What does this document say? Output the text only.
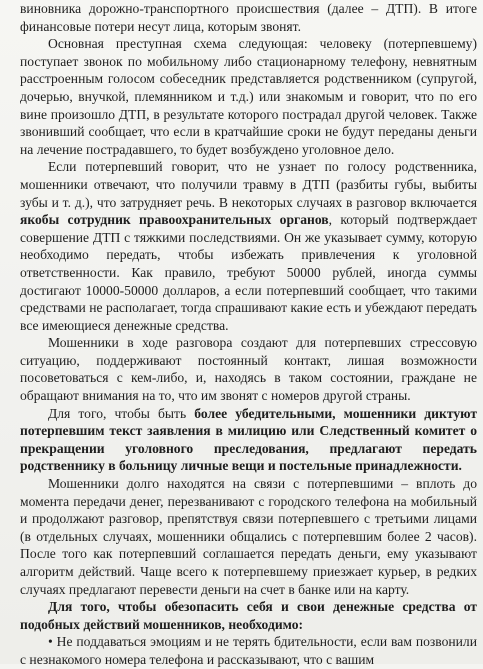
виновника дорожно-транспортного происшествия (далее – ДТП). В итоге финансовые потери несут лица, которым звонят.

Основная преступная схема следующая: человеку (потерпевшему) поступает звонок по мобильному либо стационарному телефону, невнятным расстроенным голосом собеседник представляется родственником (супругой, дочерью, внучкой, племянником и т.д.) или знакомым и говорит, что по его вине произошло ДТП, в результате которого пострадал другой человек. Также звонивший сообщает, что если в кратчайшие сроки не будут переданы деньги на лечение пострадавшего, то будет возбуждено уголовное дело.

Если потерпевший говорит, что не узнает по голосу родственника, мошенники отвечают, что получили травму в ДТП (разбиты губы, выбиты зубы и т. д.), что затрудняет речь. В некоторых случаях в разговор включается якобы сотрудник правоохранительных органов, который подтверждает совершение ДТП с тяжкими последствиями. Он же указывает сумму, которую необходимо передать, чтобы избежать привлечения к уголовной ответственности. Как правило, требуют 50000 рублей, иногда суммы достигают 10000-50000 долларов, а если потерпевший сообщает, что такими средствами не располагает, тогда спрашивают какие есть и убеждают передать все имеющиеся денежные средства.

Мошенники в ходе разговора создают для потерпевших стрессовую ситуацию, поддерживают постоянный контакт, лишая возможности посоветоваться с кем-либо, и, находясь в таком состоянии, граждане не обращают внимания на то, что им звонят с номеров другой страны.

Для того, чтобы быть более убедительными, мошенники диктуют потерпевшим текст заявления в милицию или Следственный комитет о прекращении уголовного преследования, предлагают передать родственнику в больницу личные вещи и постельные принадлежности.

Мошенники долго находятся на связи с потерпевшими – вплоть до момента передачи денег, перезванивают с городского телефона на мобильный и продолжают разговор, препятствуя связи потерпевшего с третьими лицами (в отдельных случаях, мошенники общались с потерпевшим более 2 часов). После того как потерпевший соглашается передать деньги, ему указывают алгоритм действий. Чаще всего к потерпевшему приезжает курьер, в редких случаях предлагают перевести деньги на счет в банке или на карту.

Для того, чтобы обезопасить себя и свои денежные средства от подобных действий мошенников, необходимо:

• Не поддаваться эмоциям и не терять бдительности, если вам позвонили с незнакомого номера телефона и рассказывают, что с вашим
